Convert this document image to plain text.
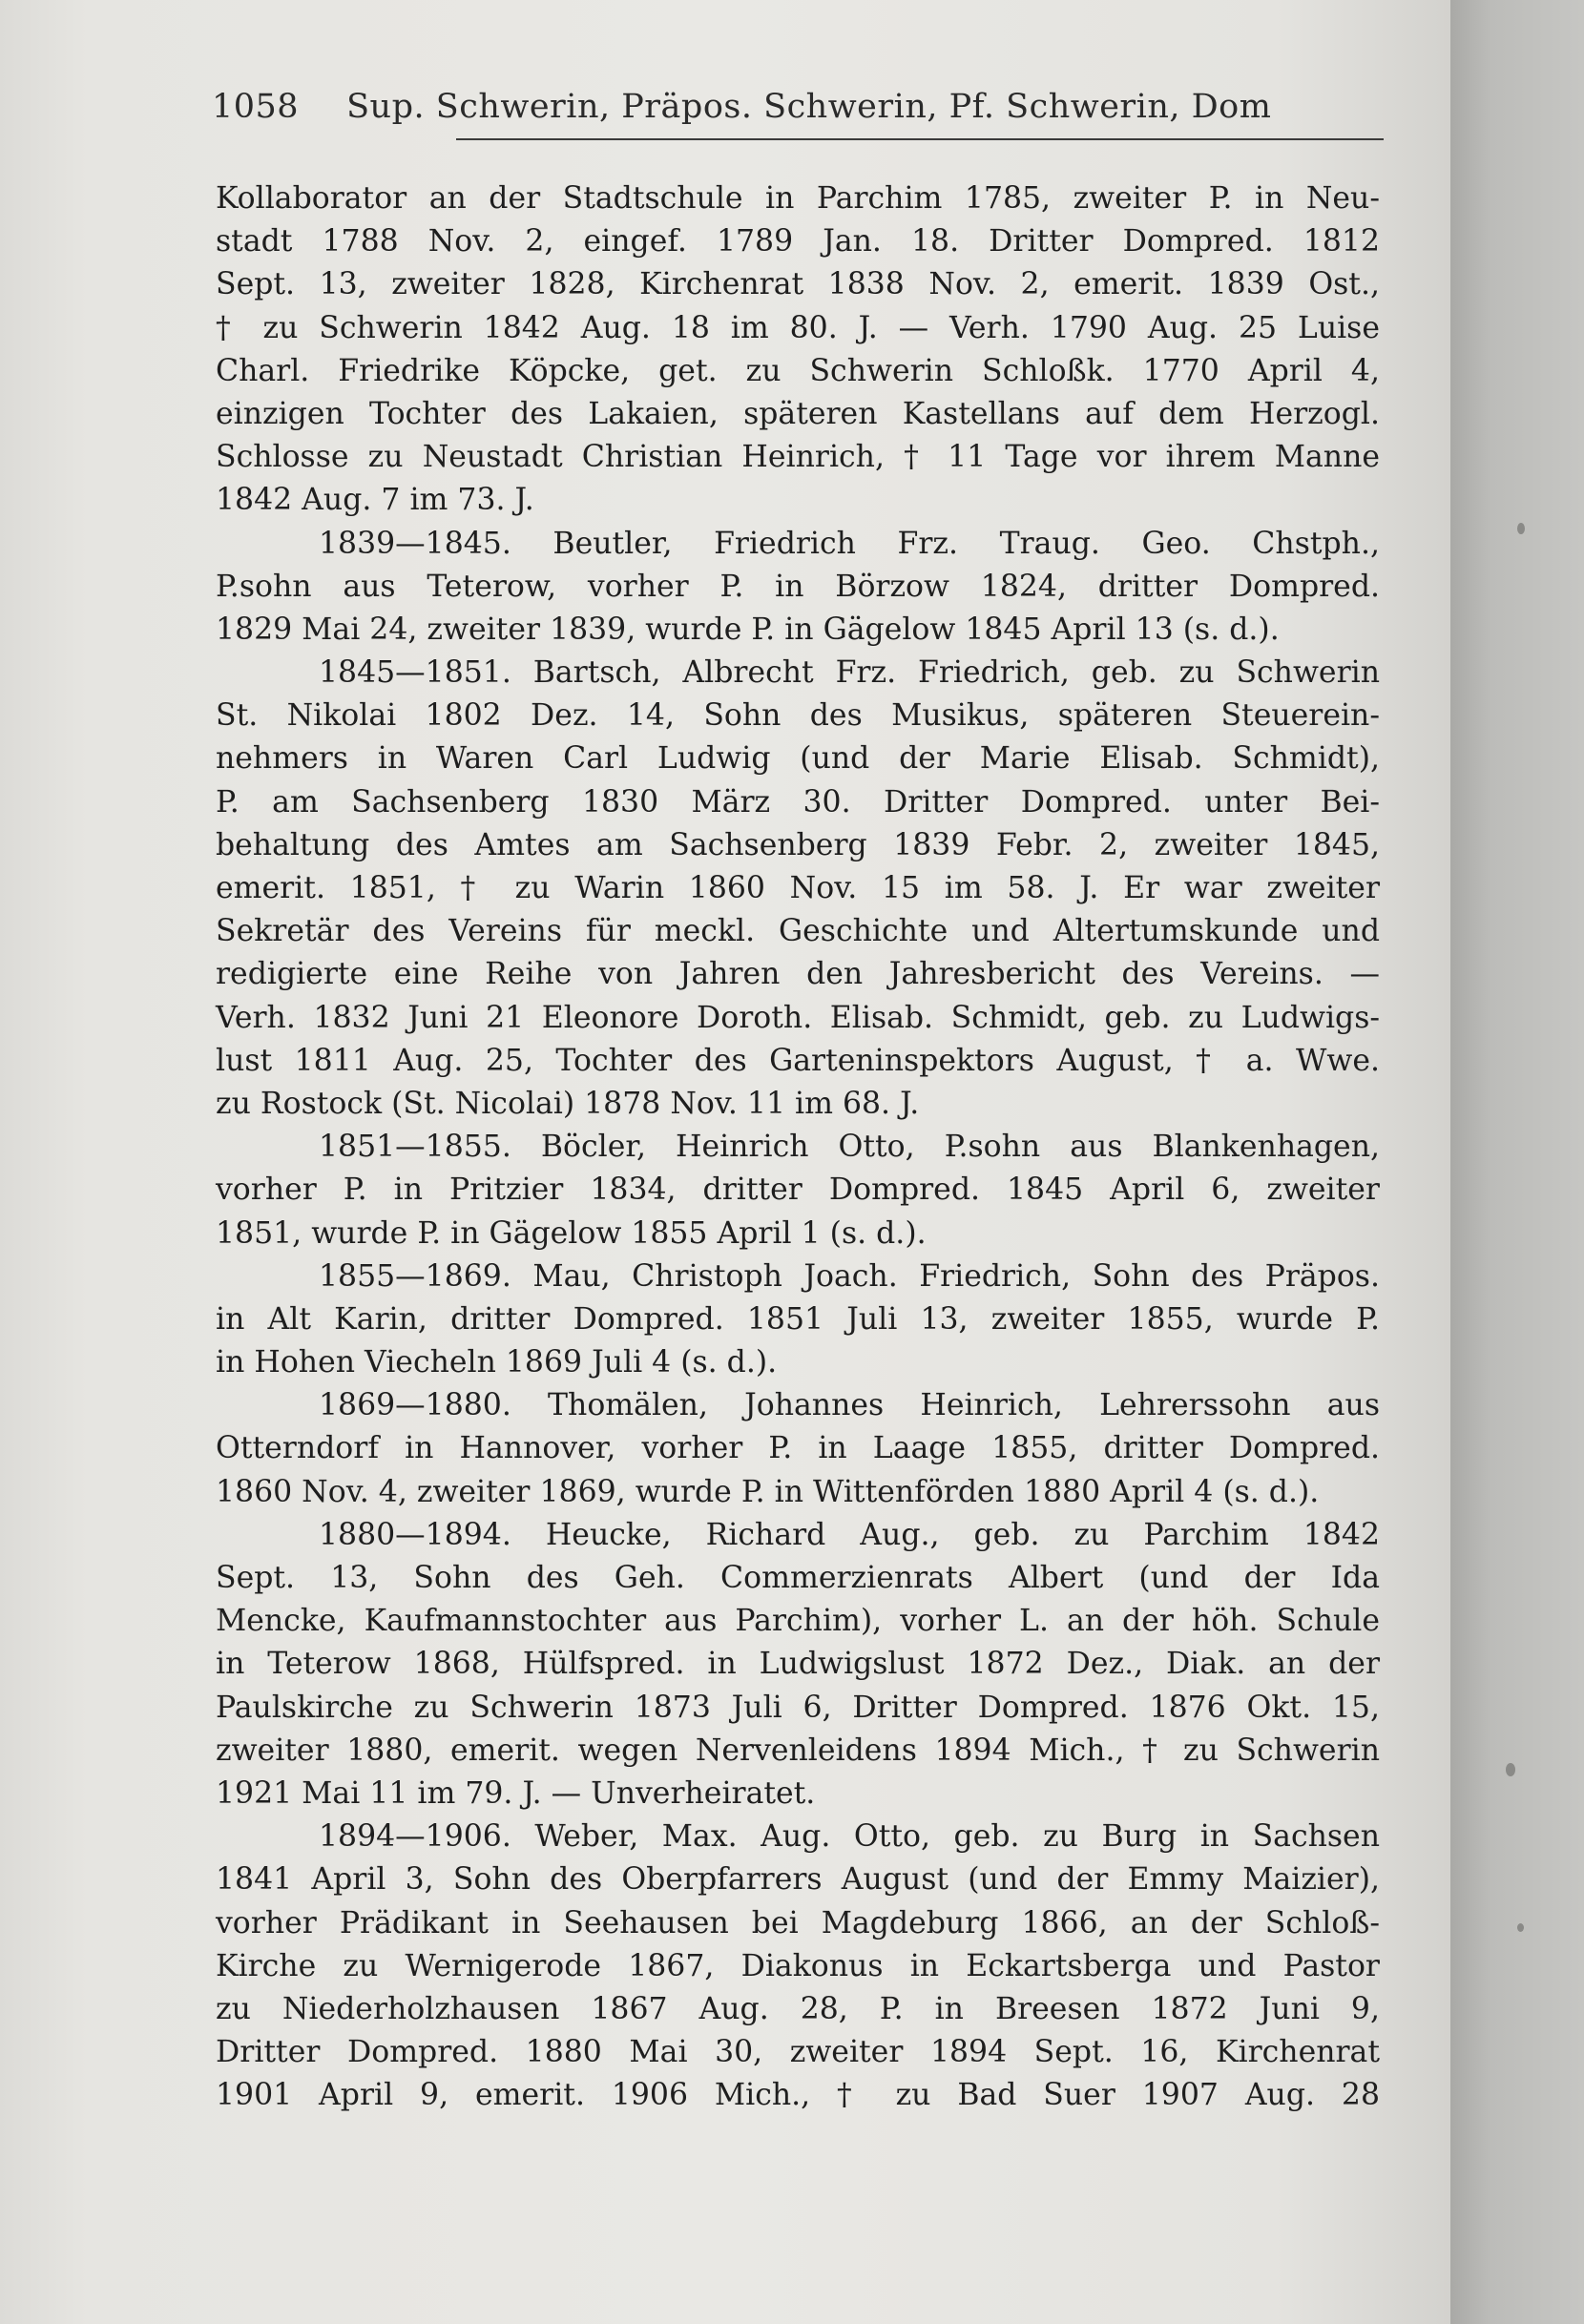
1058 Sup. Schwerin, Präpos. Schwerin, Pf. Schwerin, Dom
Kollaborator an der Stadtschule in Parchim 1785, zweiter P. in Neu-
stadt 1788 Nov. 2, eingef. 1789 Jan. 18. Dritter Dompred. 1812
Sept. 13, zweiter 1828, Kirchenrat 1838 Nov. 2, emerit. 1839 Ost.,
† zu Schwerin 1842 Aug. 18 im 80. J. — Verh. 1790 Aug. 25 Luise
Charl. Friedrike Köpcke, get. zu Schwerin Schloßk. 1770 April 4,
einzigen Tochter des Lakaien, späteren Kastellans auf dem Herzogl.
Schlosse zu Neustadt Christian Heinrich, † 11 Tage vor ihrem Manne
1842 Aug. 7 im 73. J.
1839—1845. Beutler, Friedrich Frz. Traug. Geo. Chstph.,
P.sohn aus Teterow, vorher P. in Börzow 1824, dritter Dompred.
1829 Mai 24, zweiter 1839, wurde P. in Gägelow 1845 April 13 (s. d.).
1845—1851. Bartsch, Albrecht Frz. Friedrich, geb. zu Schwerin
St. Nikolai 1802 Dez. 14, Sohn des Musikus, späteren Steuerein-
nehmers in Waren Carl Ludwig (und der Marie Elisab. Schmidt),
P. am Sachsenberg 1830 März 30. Dritter Dompred. unter Bei-
behaltung des Amtes am Sachsenberg 1839 Febr. 2, zweiter 1845,
emerit. 1851, † zu Warin 1860 Nov. 15 im 58. J. Er war zweiter
Sekretär des Vereins für meckl. Geschichte und Altertumskunde und
redigierte eine Reihe von Jahren den Jahresbericht des Vereins. —
Verh. 1832 Juni 21 Eleonore Doroth. Elisab. Schmidt, geb. zu Ludwigs-
lust 1811 Aug. 25, Tochter des Garteninspektors August, † a. Wwe.
zu Rostock (St. Nicolai) 1878 Nov. 11 im 68. J.
1851—1855. Böcler, Heinrich Otto, P.sohn aus Blankenhagen,
vorher P. in Pritzier 1834, dritter Dompred. 1845 April 6, zweiter
1851, wurde P. in Gägelow 1855 April 1 (s. d.).
1855—1869. Mau, Christoph Joach. Friedrich, Sohn des Präpos.
in Alt Karin, dritter Dompred. 1851 Juli 13, zweiter 1855, wurde P.
in Hohen Viecheln 1869 Juli 4 (s. d.).
1869—1880. Thomälen, Johannes Heinrich, Lehrerssohn aus
Otterndorf in Hannover, vorher P. in Laage 1855, dritter Dompred.
1860 Nov. 4, zweiter 1869, wurde P. in Wittenförden 1880 April 4 (s. d.).
1880—1894. Heucke, Richard Aug., geb. zu Parchim 1842
Sept. 13, Sohn des Geh. Commerzienrats Albert (und der Ida
Mencke, Kaufmannstochter aus Parchim), vorher L. an der höh. Schule
in Teterow 1868, Hülfspred. in Ludwigslust 1872 Dez., Diak. an der
Paulskirche zu Schwerin 1873 Juli 6, Dritter Dompred. 1876 Okt. 15,
zweiter 1880, emerit. wegen Nervenleidens 1894 Mich., † zu Schwerin
1921 Mai 11 im 79. J. — Unverheiratet.
1894—1906. Weber, Max. Aug. Otto, geb. zu Burg in Sachsen
1841 April 3, Sohn des Oberpfarrers August (und der Emmy Maizier),
vorher Prädikant in Seehausen bei Magdeburg 1866, an der Schloß-
Kirche zu Wernigerode 1867, Diakonus in Eckartsberga und Pastor
zu Niederholzhausen 1867 Aug. 28, P. in Breesen 1872 Juni 9,
Dritter Dompred. 1880 Mai 30, zweiter 1894 Sept. 16, Kirchenrat
1901 April 9, emerit. 1906 Mich., † zu Bad Suer 1907 Aug. 28
